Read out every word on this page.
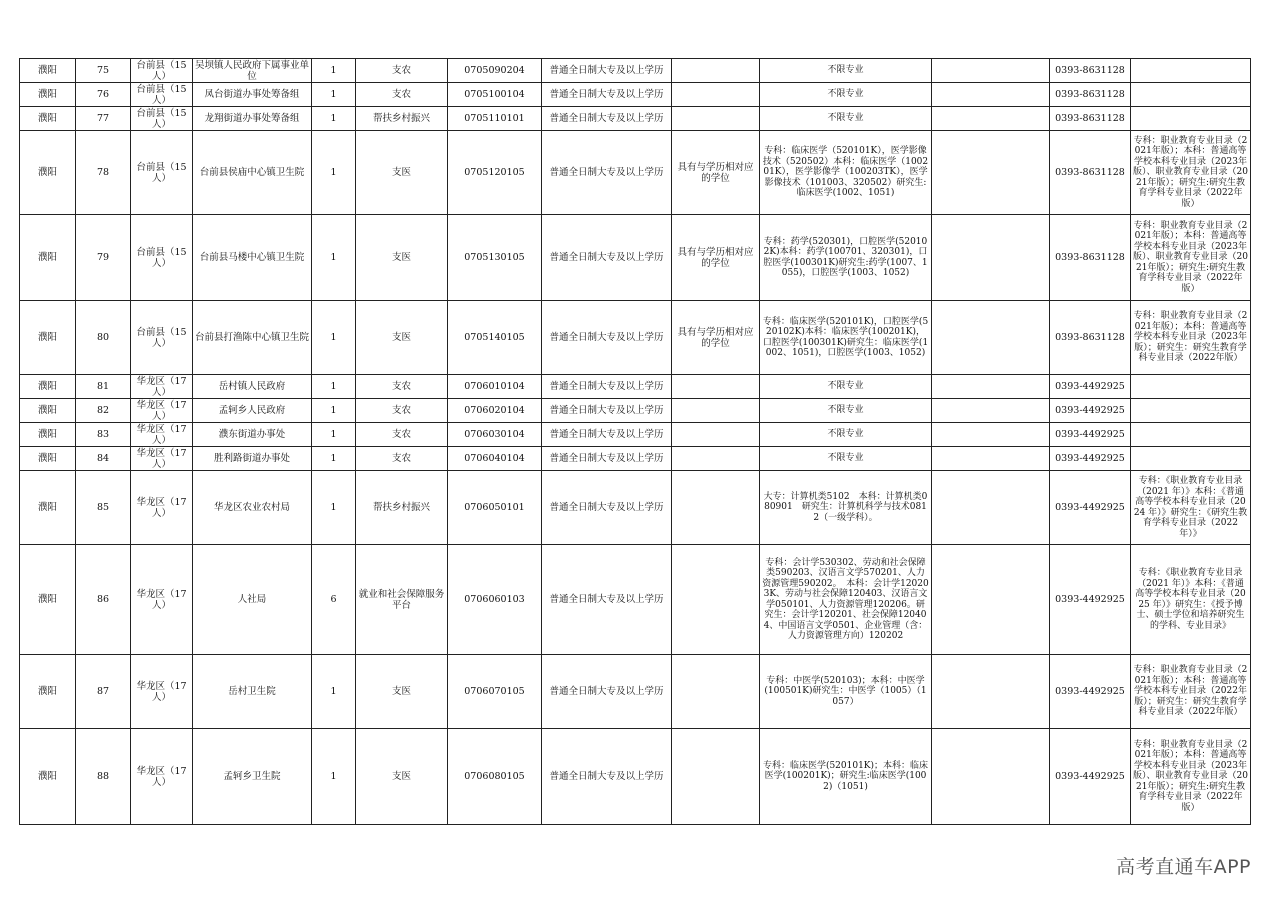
濮阳	75	台前县（15人）	吴坝镇人民政府下属事业单位	1	支农	0705090204	普通全日制大专及以上学历		不限专业		0393-8631128	
濮阳	76	台前县（15人）	凤台街道办事处筹备组	1	支农	0705100104	普通全日制大专及以上学历		不限专业		0393-8631128	
濮阳	77	台前县（15人）	龙翔街道办事处筹备组	1	帮扶乡村振兴	0705110101	普通全日制大专及以上学历		不限专业		0393-8631128	
濮阳	78	台前县（15人）	台前县侯庙中心镇卫生院	1	支医	0705120105	普通全日制大专及以上学历	具有与学历相对应的学位	专科：临床医学（520101K），医学影像技术（520502）本科：临床医学（100201K），医学影像学（100203TK），医学影像技术（101003、320502）研究生:临床医学(1002、1051)		0393-8631128	专科：职业教育专业目录（2021年版）；本科：普通高等学校本科专业目录（2023年版）、职业教育专业目录（2021年版）；研究生:研究生教育学科专业目录（2022年版）
濮阳	79	台前县（15人）	台前县马楼中心镇卫生院	1	支医	0705130105	普通全日制大专及以上学历	具有与学历相对应的学位	专科：药学(520301)，口腔医学(520102K)本科：药学(100701、320301)，口腔医学(100301K)研究生:药学(1007、1055)，口腔医学(1003、1052)		0393-8631128	专科：职业教育专业目录（2021年版）；本科：普通高等学校本科专业目录（2023年版）、职业教育专业目录（2021年版）；研究生:研究生教育学科专业目录（2022年版）
濮阳	80	台前县（15人）	台前县打渔陈中心镇卫生院	1	支医	0705140105	普通全日制大专及以上学历	具有与学历相对应的学位	专科：临床医学(520101K)，口腔医学(520102K)本科：临床医学(100201K)，口腔医学(100301K)研究生：临床医学(1002、1051)，口腔医学(1003、1052)		0393-8631128	专科：职业教育专业目录（2021年版）；本科：普通高等学校本科专业目录（2023年版）；研究生：研究生教育学科专业目录（2022年版）
濮阳	81	华龙区（17人）	岳村镇人民政府	1	支农	0706010104	普通全日制大专及以上学历		不限专业		0393-4492925	
濮阳	82	华龙区（17人）	孟轲乡人民政府	1	支农	0706020104	普通全日制大专及以上学历		不限专业		0393-4492925	
濮阳	83	华龙区（17人）	濮东街道办事处	1	支农	0706030104	普通全日制大专及以上学历		不限专业		0393-4492925	
濮阳	84	华龙区（17人）	胜利路街道办事处	1	支农	0706040104	普通全日制大专及以上学历		不限专业		0393-4492925	
濮阳	85	华龙区（17人）	华龙区农业农村局	1	帮扶乡村振兴	0706050101	普通全日制大专及以上学历		大专：计算机类5102　本科：计算机类080901　研究生：计算机科学与技术0812（一级学科）。		0393-4492925	专科：《职业教育专业目录（2021 年）》本科：《普通高等学校本科专业目录（2024 年）》研究生：《研究生教育学科专业目录（2022 年）》
濮阳	86	华龙区（17人）	人社局	6	就业和社会保障服务平台	0706060103	普通全日制大专及以上学历		专科：会计学530302、劳动和社会保障类590203、汉语言文学570201、人力资源管理590202。　本科：会计学120203K、劳动与社会保障120403、汉语言文学050101、人力资源管理120206。研究生：会计学120201、社会保障120404、中国语言文学0501、企业管理（含：人力资源管理方向）120202		0393-4492925	专科：《职业教育专业目录（2021 年）》本科：《普通高等学校本科专业目录（2025 年）》研究生：《授予博士、硕士学位和培养研究生的学科、专业目录》
濮阳	87	华龙区（17人）	岳村卫生院	1	支医	0706070105	普通全日制大专及以上学历		专科：中医学(520103)；本科：中医学(100501K)研究生：中医学（1005）（1057）		0393-4492925	专科：职业教育专业目录（2021年版）；本科：普通高等学校本科专业目录（2022年版）；研究生：研究生教育学科专业目录（2022年版）
濮阳	88	华龙区（17人）	孟轲乡卫生院	1	支医	0706080105	普通全日制大专及以上学历		专科：临床医学(520101K)；本科：临床医学(100201K)；研究生:临床医学(1002)（1051)		0393-4492925	专科：职业教育专业目录（2021年版）；本科：普通高等学校本科专业目录（2023年版）、职业教育专业目录（2021年版）；研究生:研究生教育学科专业目录（2022年版）
高考直通车APP
